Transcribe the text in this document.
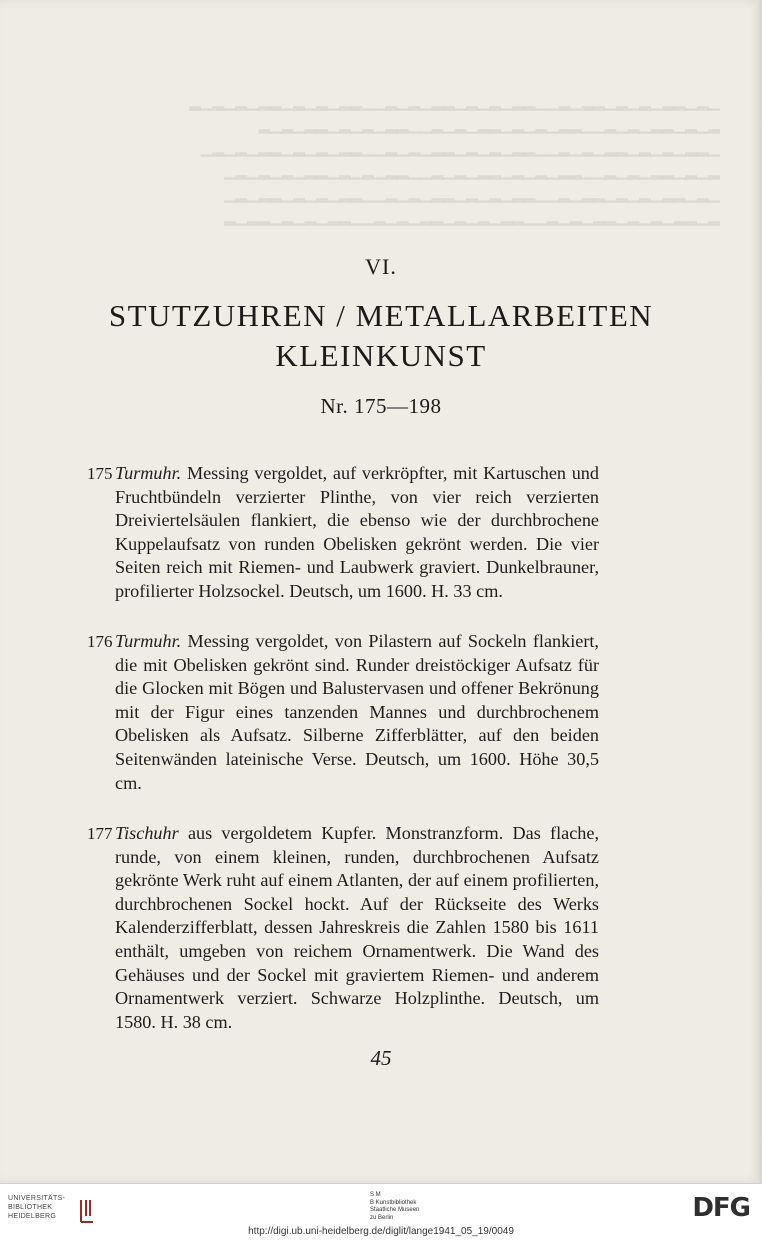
▁▂▁▂▂▁▂▁▂▁▂▂▁▂▁▁▂▂▁▂▁▂▁▂▂▁▂▁▂▁▁▂▂▁▂▁▂▁▂▂▁▂▁▂▁▂
▂▁▂▁▂▂▁▂▁▂▁▁▂▂▁▂▁▂▁▂▂▁▂▁▂▁▁▂▂▁▂▁▂▁▂▂▁▂▁▂
▁▂▂▁▂▁▂▁▂▂▁▂▁▂▁▁▂▂▁▂▁▂▁▂▂▁▂▁▂▁▁▂▂▁▂▁▂▁▂▂▁▂▁▂▁
▂▁▂▁▂▂▁▂▁▂▁▁▂▂▁▂▁▂▁▂▂▁▂▁▂▁▁▂▂▁▂▁▂▁▂▂▁▂▁▂▁▂▁
▁▂▁▂▂▁▂▁▂▁▂▂▁▂▁▁▂▂▁▂▁▂▁▂▂▁▂▁▂▁▁▂▂▁▂▁▂▁▂▂▁▂▁
▂▁▂▂▁▂▁▂▁▂▂▁▂▁▂▁▁▂▂▁▂▁▂▁▂▂▁▂▁▂▁▁▂▂▁▂▁▂▁▂▂▁▂
VI.
STUTZUHREN / METALLARBEITEN
KLEINKUNST
Nr. 175—198
175 Turmuhr. Messing vergoldet, auf verkröpfter, mit Kartuschen und Fruchtbündeln verzierter Plinthe, von vier reich verzierten Dreiviertelsäulen flankiert, die ebenso wie der durchbrochene Kuppelaufsatz von runden Obelisken gekrönt werden. Die vier Seiten reich mit Riemen- und Laubwerk graviert. Dunkelbrauner, profilierter Holzsockel. Deutsch, um 1600. H. 33 cm.
176 Turmuhr. Messing vergoldet, von Pilastern auf Sockeln flankiert, die mit Obelisken gekrönt sind. Runder dreistöckiger Aufsatz für die Glocken mit Bögen und Balustervasen und offener Bekrönung mit der Figur eines tanzenden Mannes und durchbrochenem Obelisken als Aufsatz. Silberne Zifferblätter, auf den beiden Seitenwänden lateinische Verse. Deutsch, um 1600. Höhe 30,5 cm.
177 Tischuhr aus vergoldetem Kupfer. Monstranzform. Das flache, runde, von einem kleinen, runden, durchbrochenen Aufsatz gekrönte Werk ruht auf einem Atlanten, der auf einem profilierten, durchbrochenen Sockel hockt. Auf der Rückseite des Werks Kalenderzifferblatt, dessen Jahreskreis die Zahlen 1580 bis 1611 enthält, umgeben von reichem Ornamentwerk. Die Wand des Gehäuses und der Sockel mit graviertem Riemen- und anderem Ornamentwerk verziert. Schwarze Holzplinthe. Deutsch, um 1580. H. 38 cm.
45
UNIVERSITÄTS-
BIBLIOTHEK
HEIDELBERG
S M
B Kunstbibliothek
Staatliche Museen
zu Berlin	DFG
http://digi.ub.uni-heidelberg.de/diglit/lange1941_05_19/0049
